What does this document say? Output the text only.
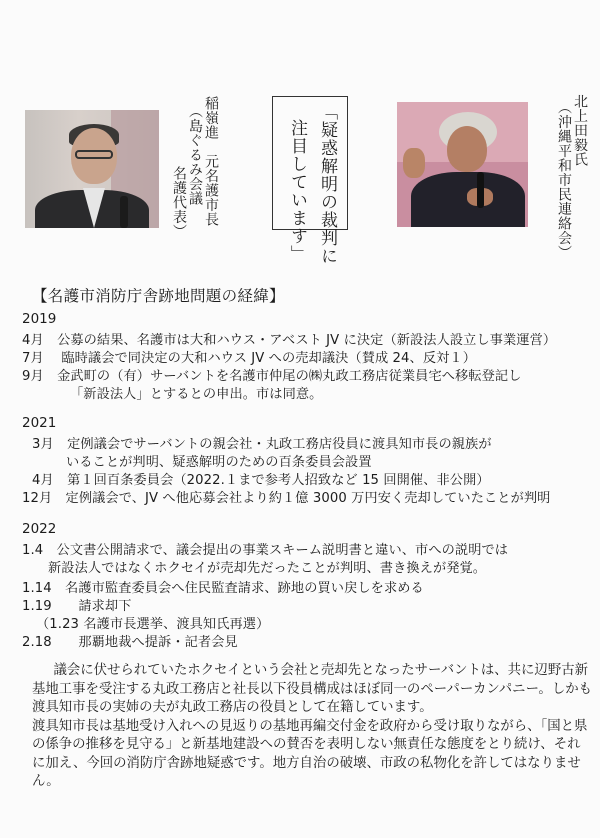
稲嶺進　元名護市長
（島ぐるみ会議
名護代表）	「疑惑解明の裁判に
注目しています」	北上田毅氏
（沖縄平和市民連絡会）
【名護市消防庁舎跡地問題の経緯】
2019
4月　公募の結果、名護市は大和ハウス・アベスト JV に決定（新設法人設立し事業運営）
7月　 臨時議会で同決定の大和ハウス JV への売却議決（賛成 24、反対１）
9月　金武町の（有）サーバントを名護市仲尾の㈱丸政工務店従業員宅へ移転登記し
「新設法人」とするとの申出。市は同意。
2021
3月　定例議会でサーバントの親会社・丸政工務店役員に渡具知市長の親族が
いることが判明、疑惑解明のための百条委員会設置
4月　第１回百条委員会（2022.１まで参考人招致など 15 回開催、非公開）
12月　定例議会で、JV へ他応募会社より約１億 3000 万円安く売却していたことが判明
2022
1.4　公文書公開請求で、議会提出の事業スキーム説明書と違い、市への説明では
新設法人ではなくホクセイが売却先だったことが判明、書き換えが発覚。
1.14　名護市監査委員会へ住民監査請求、跡地の買い戻しを求める
1.19　　請求却下
（1.23 名護市長選挙、渡具知氏再選）
2.18　　那覇地裁へ提訴・記者会見

議会に伏せられていたホクセイという会社と売却先となったサーバントは、共に辺野古新基地工事を受注する丸政工務店と社長以下役員構成はほぼ同一のペーパーカンパニー。しかも渡具知市長の実姉の夫が丸政工務店の役員として在籍しています。

渡具知市長は基地受け入れへの見返りの基地再編交付金を政府から受け取りながら、「国と県の係争の推移を見守る」と新基地建設への賛否を表明しない無責任な態度をとり続け、それに加え、今回の消防庁舎跡地疑惑です。地方自治の破壊、市政の私物化を許してはなりません。
